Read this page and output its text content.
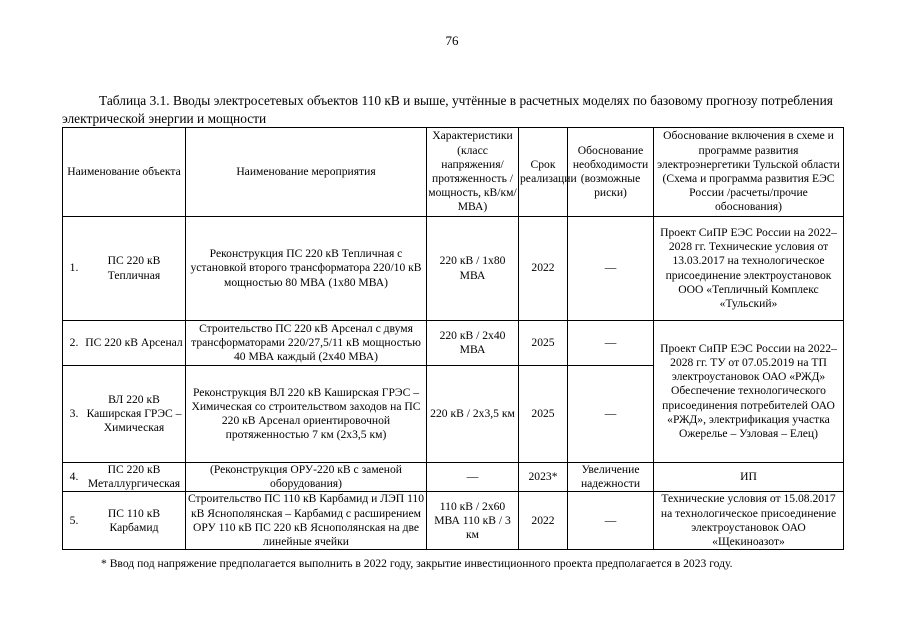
76
Таблица 3.1. Вводы электросетевых объектов 110 кВ и выше, учтённые в расчетных моделях по базовому прогнозу потребления электрической энергии и мощности
Наименование объекта	Наименование мероприятия	Характеристики (класс напряжения/ протяженность /мощность, кВ/км/МВА)	Срок реализации	Обоснование необходимости (возможные риски)	Обоснование включения в схеме и программе развития электроэнергетики Тульской области (Схема и программа развития ЕЭС России /расчеты/прочие обоснования)

1.
ПС 220 кВ Тепличная	Реконструкция ПС 220 кВ Тепличная с установкой второго трансформатора 220/10 кВ мощностью 80 МВА (1х80 МВА)	220 кВ / 1х80 МВА	2022	—	Проект СиПР ЕЭС России на 2022–2028 гг. Технические условия от 13.03.2017 на технологическое присоединение электроустановок ООО «Тепличный Комплекс «Тульский»

2. ПС 220 кВ Арсенал	Строительство ПС 220 кВ Арсенал с двумя трансформаторами 220/27,5/11 кВ мощностью 40 МВА каждый (2х40 МВА)	220 кВ / 2х40 МВА	2025	—	Проект СиПР ЕЭС России на 2022–2028 гг. ТУ от 07.05.2019 на ТП электроустановок ОАО «РЖД» Обеспечение технологического присоединения потребителей ОАО «РЖД», электрификация участка Ожерелье – Узловая – Елец)

3.
ВЛ 220 кВ Каширская ГРЭС – Химическая	Реконструкция ВЛ 220 кВ Каширская ГРЭС – Химическая со строительством заходов на ПС 220 кВ Арсенал ориентировочной протяженностью 7 км (2х3,5 км)	220 кВ / 2х3,5 км	2025	—	

4.
ПС 220 кВ Металлургическая	(Реконструкция ОРУ-220 кВ с заменой оборудования)	—	2023*	Увеличение надежности	ИП

5.
ПС 110 кВ Карбамид	Строительство ПС 110 кВ Карбамид и ЛЭП 110 кВ Яснополянская – Карбамид с расширением ОРУ 110 кВ ПС 220 кВ Яснополянская на две линейные ячейки	110 кВ / 2х60 МВА 110 кВ / 3 км	2022	—	Технические условия от 15.08.2017 на технологическое присоединение электроустановок ОАО «Щекиноазот»
* Ввод под напряжение предполагается выполнить в 2022 году, закрытие инвестиционного проекта предполагается в 2023 году.
